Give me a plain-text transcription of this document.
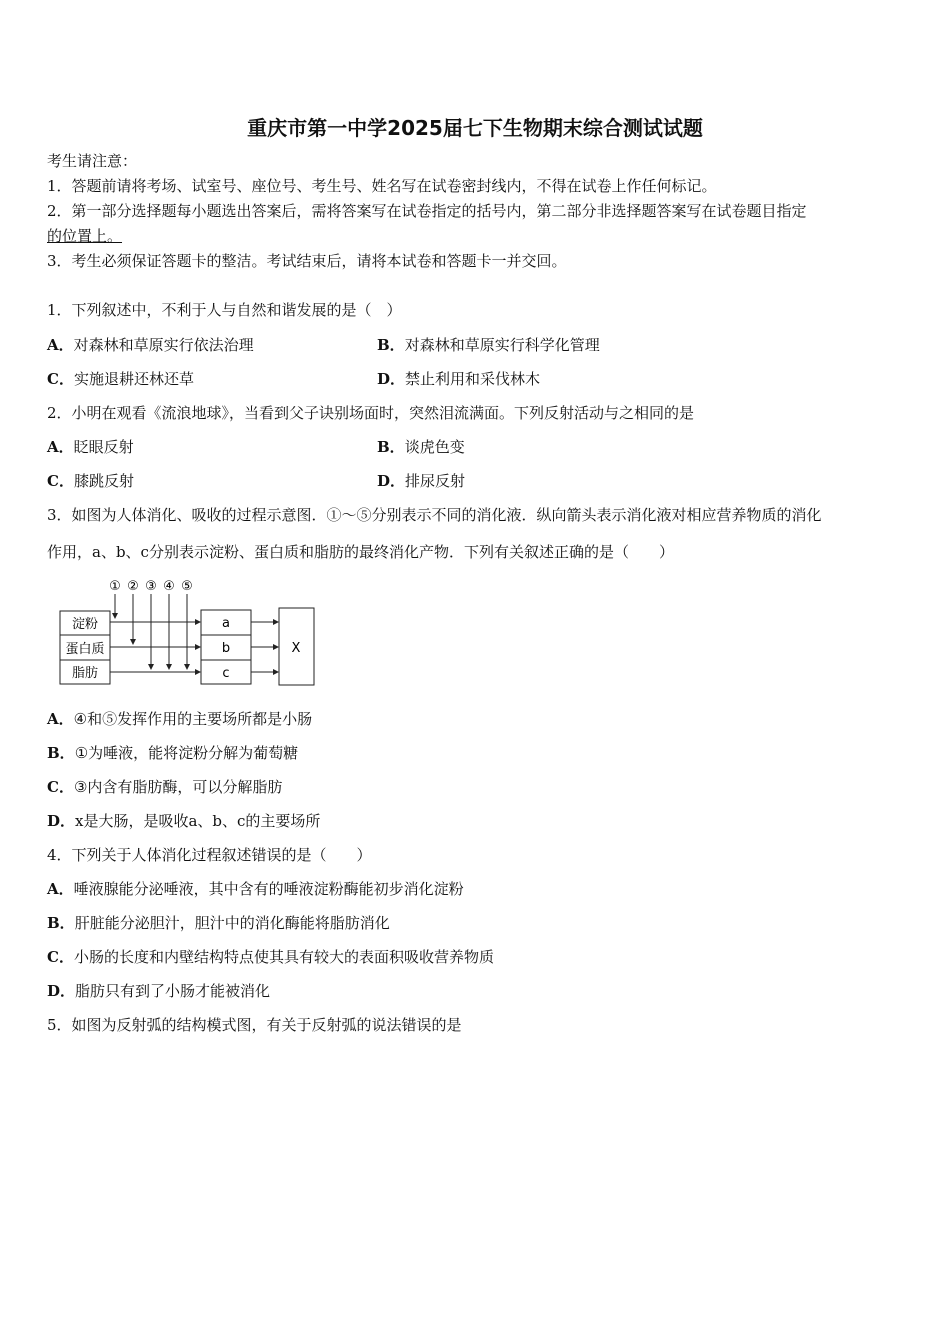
重庆市第一中学2025届七下生物期末综合测试试题
考生请注意：
1．答题前请将考场、试室号、座位号、考生号、姓名写在试卷密封线内，不得在试卷上作任何标记。
2．第一部分选择题每小题选出答案后，需将答案写在试卷指定的括号内，第二部分非选择题答案写在试卷题目指定
的位置上。
3．考生必须保证答题卡的整洁。考试结束后，请将本试卷和答题卡一并交回。
1．下列叙述中，不利于人与自然和谐发展的是（　）
A．对森林和草原实行依法治理	B．对森林和草原实行科学化管理
C．实施退耕还林还草	D．禁止利用和采伐林木
2．小明在观看《流浪地球》，当看到父子诀别场面时，突然泪流满面。下列反射活动与之相同的是
A．眨眼反射	B．谈虎色变
C．膝跳反射	D．排尿反射
3．如图为人体消化、吸收的过程示意图．①～⑤分别表示不同的消化液．纵向箭头表示消化液对相应营养物质的消化
作用，a、b、c分别表示淀粉、蛋白质和脂肪的最终消化产物．下列有关叙述正确的是（　　）
① ② ③ ④ ⑤
淀粉
蛋白质
脂肪
a
b
c
X
A．④和⑤发挥作用的主要场所都是小肠
B．①为唾液，能将淀粉分解为葡萄糖
C．③内含有脂肪酶，可以分解脂肪
D．x是大肠，是吸收a、b、c的主要场所
4．下列关于人体消化过程叙述错误的是（　　）
A．唾液腺能分泌唾液，其中含有的唾液淀粉酶能初步消化淀粉
B．肝脏能分泌胆汁，胆汁中的消化酶能将脂肪消化
C．小肠的长度和内壁结构特点使其具有较大的表面积吸收营养物质
D．脂肪只有到了小肠才能被消化
5．如图为反射弧的结构模式图，有关于反射弧的说法错误的是
